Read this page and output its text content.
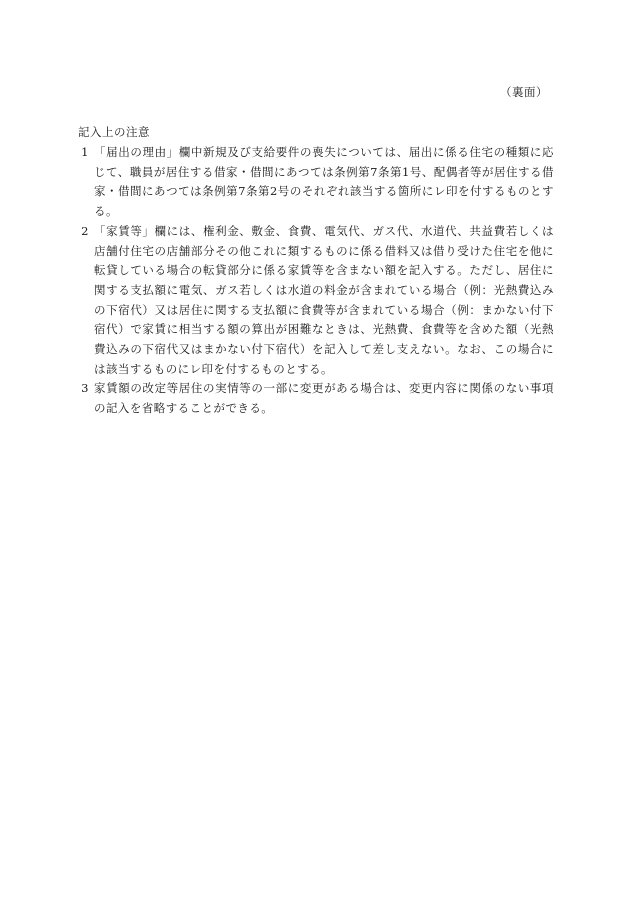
（裏面）
記入上の注意
1 「届出の理由」欄中新規及び支給要件の喪失については、届出に係る住宅の種類に応じて、職員が居住する借家・借間にあつては条例第7条第1号、配偶者等が居住する借家・借間にあつては条例第7条第2号のそれぞれ該当する箇所にレ印を付するものとする。
2 「家賃等」欄には、権利金、敷金、食費、電気代、ガス代、水道代、共益費若しくは店舗付住宅の店舗部分その他これに類するものに係る借料又は借り受けた住宅を他に転貸している場合の転貸部分に係る家賃等を含まない額を記入する。ただし、居住に関する支払額に電気、ガス若しくは水道の料金が含まれている場合（例：光熱費込みの下宿代）又は居住に関する支払額に食費等が含まれている場合（例：まかない付下宿代）で家賃に相当する額の算出が困難なときは、光熱費、食費等を含めた額（光熱費込みの下宿代又はまかない付下宿代）を記入して差し支えない。なお、この場合には該当するものにレ印を付するものとする。
3 家賃額の改定等居住の実情等の一部に変更がある場合は、変更内容に関係のない事項の記入を省略することができる。
